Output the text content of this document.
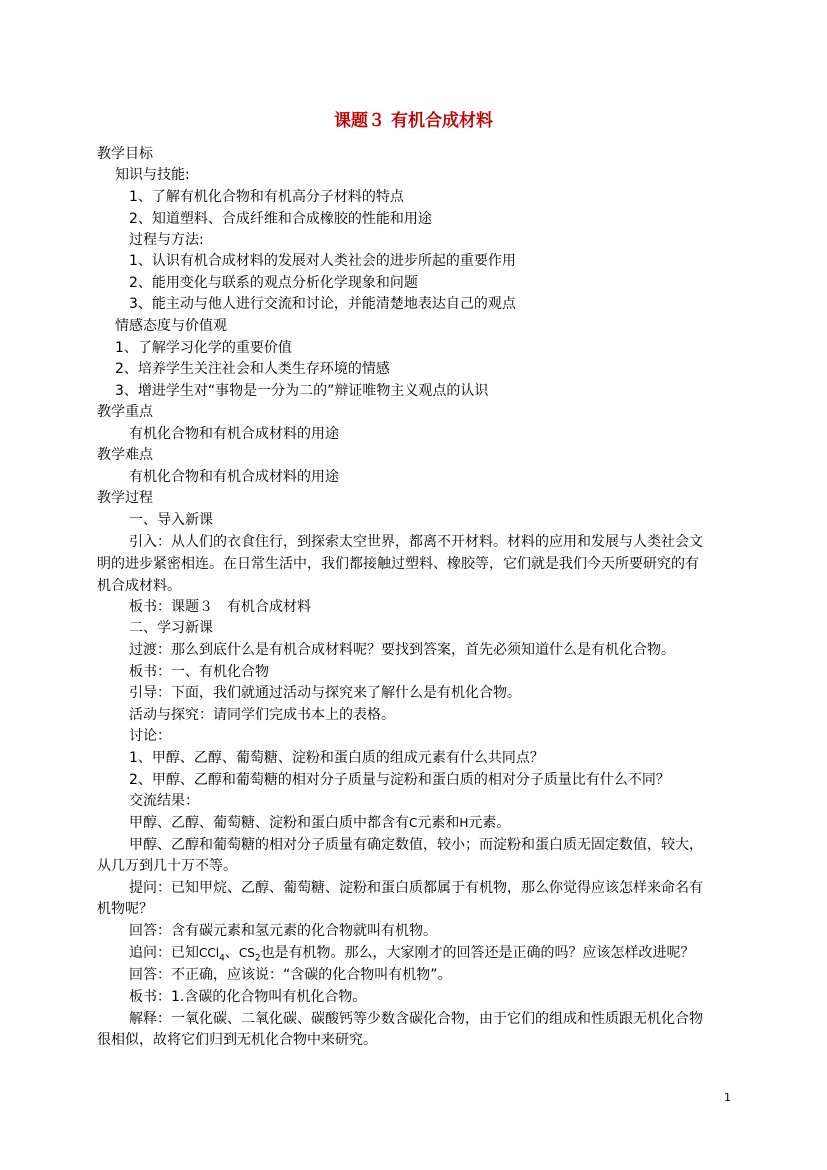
课题３ 有机合成材料

教学目标

知识与技能:

1、了解有机化合物和有机高分子材料的特点

2、知道塑料、合成纤维和合成橡胶的性能和用途

过程与方法:

1、认识有机合成材料的发展对人类社会的进步所起的重要作用

2、能用变化与联系的观点分析化学现象和问题

3、能主动与他人进行交流和讨论，并能清楚地表达自己的观点

情感态度与价值观

1、了解学习化学的重要价值

2、培养学生关注社会和人类生存环境的情感

3、增进学生对“事物是一分为二的”辩证唯物主义观点的认识

教学重点

有机化合物和有机合成材料的用途

教学难点

有机化合物和有机合成材料的用途

教学过程

一、导入新课

引入：从人们的衣食住行，到探索太空世界，都离不开材料。材料的应用和发展与人类社会文

明的进步紧密相连。在日常生活中，我们都接触过塑料、橡胶等，它们就是我们今天所要研究的有

机合成材料。

板书：课题３　有机合成材料

二、学习新课

过渡：那么到底什么是有机合成材料呢？要找到答案，首先必须知道什么是有机化合物。

板书：一、有机化合物

引导：下面，我们就通过活动与探究来了解什么是有机化合物。

活动与探究：请同学们完成书本上的表格。

讨论：

1、甲醇、乙醇、葡萄糖、淀粉和蛋白质的组成元素有什么共同点？

2、甲醇、乙醇和葡萄糖的相对分子质量与淀粉和蛋白质的相对分子质量比有什么不同？

交流结果：

甲醇、乙醇、葡萄糖、淀粉和蛋白质中都含有C元素和H元素。

甲醇、乙醇和葡萄糖的相对分子质量有确定数值，较小；而淀粉和蛋白质无固定数值，较大，

从几万到几十万不等。

提问：已知甲烷、乙醇、葡萄糖、淀粉和蛋白质都属于有机物，那么你觉得应该怎样来命名有

机物呢？

回答：含有碳元素和氢元素的化合物就叫有机物。

追问：已知CCl$_4$、$CS_2$也是有机物。那么，大家刚才的回答还是正确的吗？应该怎样改进呢？

回答：不正确，应该说：“含碳的化合物叫有机物”。

板书：1.含碳的化合物叫有机化合物。

解释：一氧化碳、二氧化碳、碳酸钙等少数含碳化合物，由于它们的组成和性质跟无机化合物

很相似，故将它们归到无机化合物中来研究。

1
